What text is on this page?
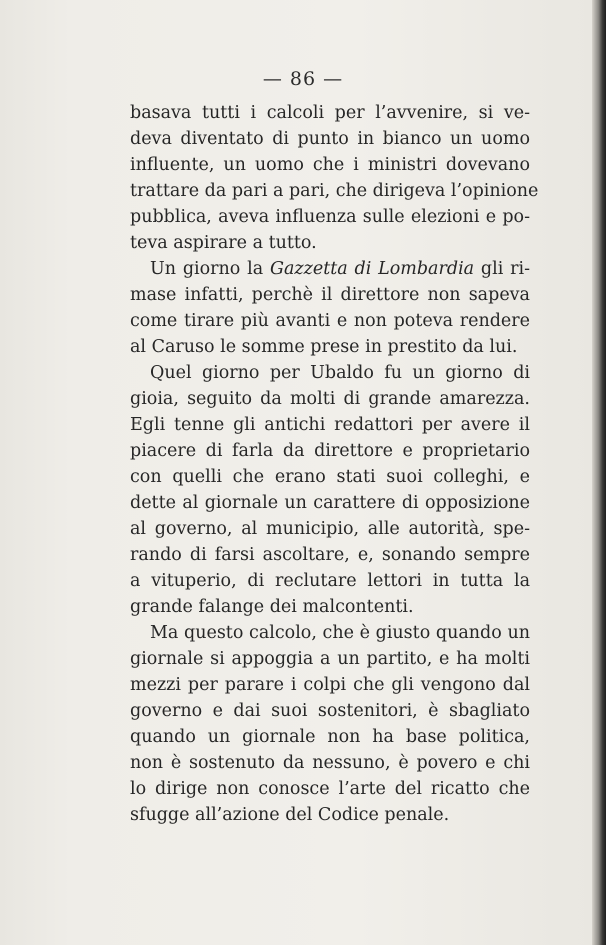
— 86 —

basava tutti i calcoli per l’avvenire, si ve-
deva diventato di punto in bianco un uomo
influente, un uomo che i ministri dovevano
trattare da pari a pari, che dirigeva l’opinione
pubblica, aveva influenza sulle elezioni e po-
teva aspirare a tutto.

Un giorno la Gazzetta di Lombardia gli ri-
mase infatti, perchè il direttore non sapeva
come tirare più avanti e non poteva rendere
al Caruso le somme prese in prestito da lui.

Quel giorno per Ubaldo fu un giorno di
gioia, seguito da molti di grande amarezza.
Egli tenne gli antichi redattori per avere il
piacere di farla da direttore e proprietario
con quelli che erano stati suoi colleghi, e
dette al giornale un carattere di opposizione
al governo, al municipio, alle autorità, spe-
rando di farsi ascoltare, e, sonando sempre
a vituperio, di reclutare lettori in tutta la
grande falange dei malcontenti.

Ma questo calcolo, che è giusto quando un
giornale si appoggia a un partito, e ha molti
mezzi per parare i colpi che gli vengono dal
governo e dai suoi sostenitori, è sbagliato
quando un giornale non ha base politica,
non è sostenuto da nessuno, è povero e chi
lo dirige non conosce l’arte del ricatto che
sfugge all’azione del Codice penale.
